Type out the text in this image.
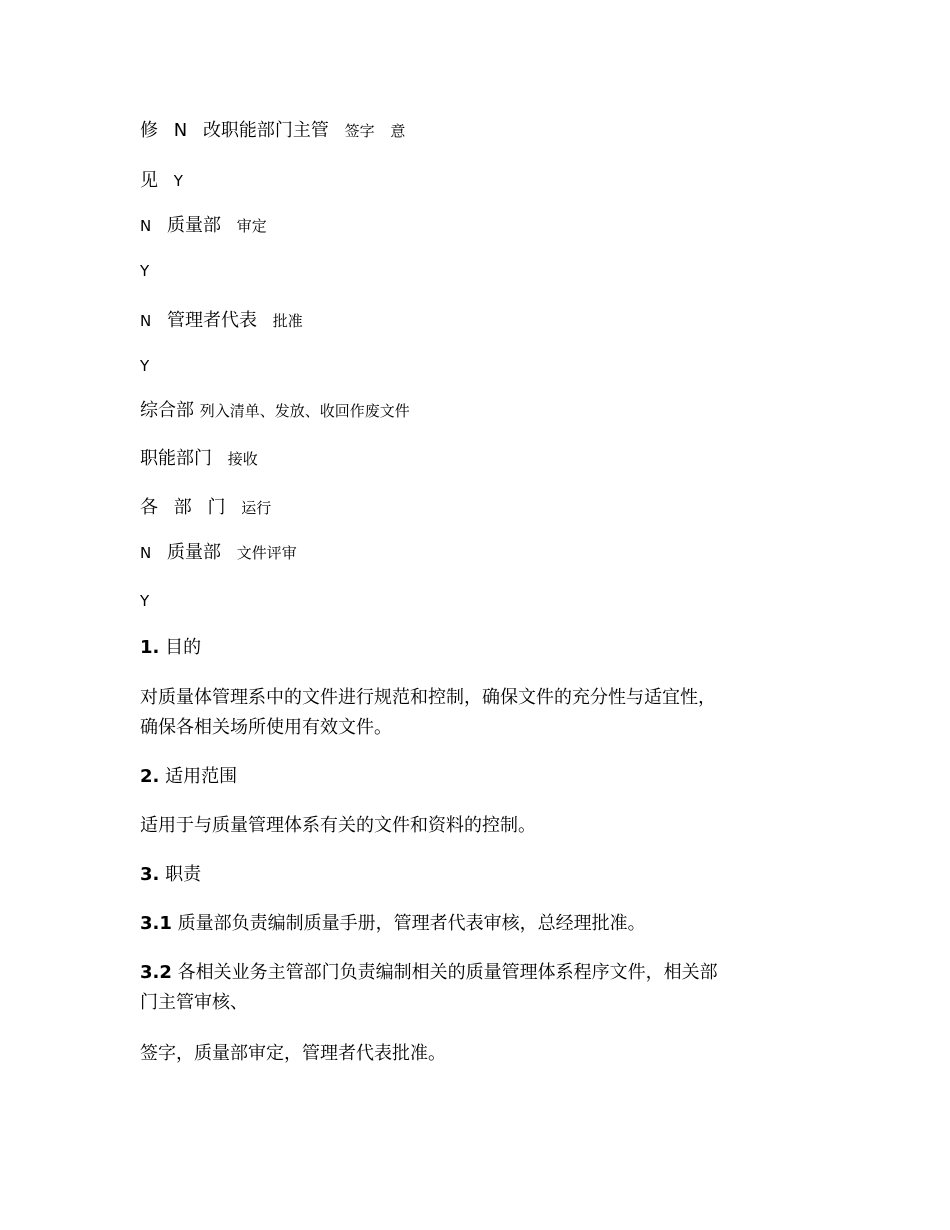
修 N 改职能部门主管 签字 意
见 Y
N 质量部 审定
Y
N 管理者代表 批准
Y
综合部 列入清单、发放、收回作废文件
职能部门 接收
各 部 门 运行
N 质量部 文件评审
Y
1. 目的
对质量体管理系中的文件进行规范和控制，确保文件的充分性与适宜性，
确保各相关场所使用有效文件。
2. 适用范围
适用于与质量管理体系有关的文件和资料的控制。
3. 职责
3.1 质量部负责编制质量手册，管理者代表审核，总经理批准。
3.2 各相关业务主管部门负责编制相关的质量管理体系程序文件，相关部
门主管审核、
签字，质量部审定，管理者代表批准。
